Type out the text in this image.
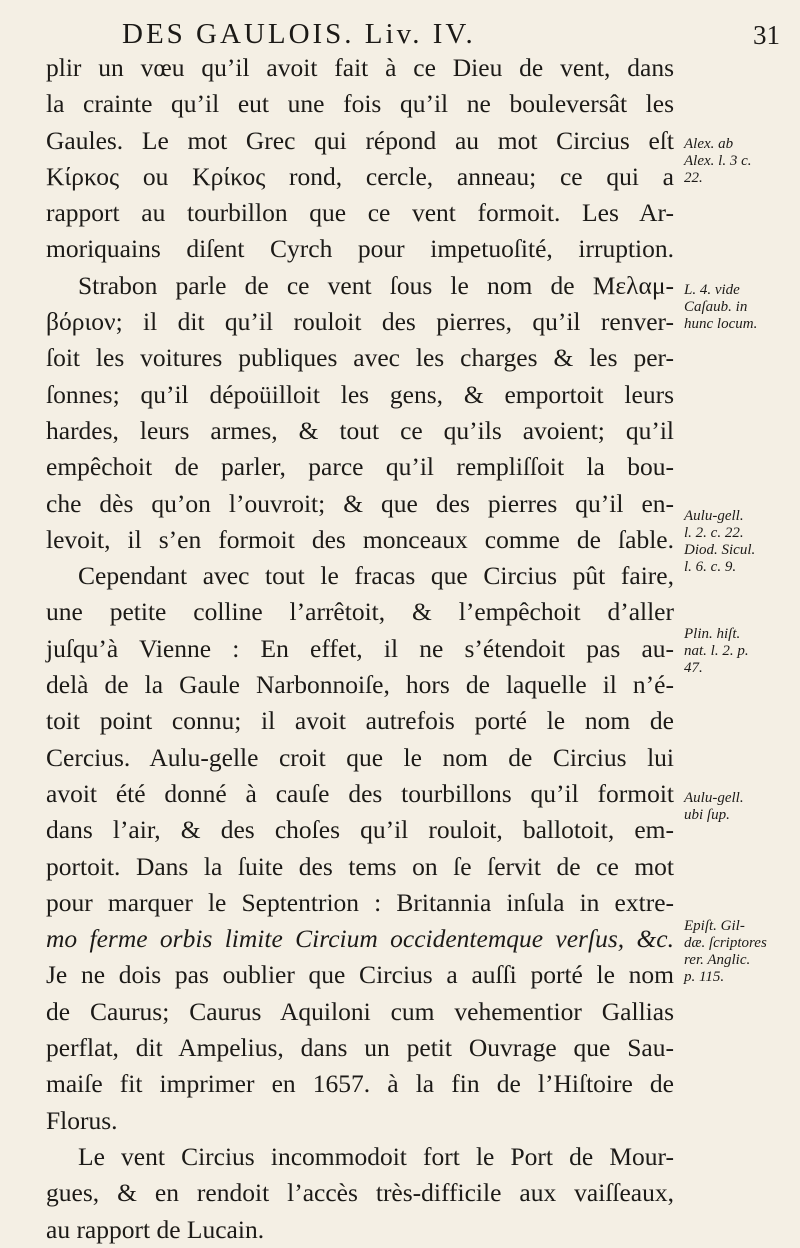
DES GAULOIS. Liv. IV.	31
plir un vœu qu’il avoit fait à ce Dieu de vent, dans
la crainte qu’il eut une fois qu’il ne bouleversât les
Gaules. Le mot Grec qui répond au mot Circius eſt
Κίρκος ou Κρίκος rond, cercle, anneau; ce qui a
rapport au tourbillon que ce vent formoit. Les Ar-
moriquains diſent Cyrch pour impetuoſité, irruption.
Strabon parle de ce vent ſous le nom de Μελαμ-
βόριον; il dit qu’il rouloit des pierres, qu’il renver-
ſoit les voitures publiques avec les charges & les per-
ſonnes; qu’il dépoüilloit les gens, & emportoit leurs
hardes, leurs armes, & tout ce qu’ils avoient; qu’il
empêchoit de parler, parce qu’il rempliſſoit la bou-
che dès qu’on l’ouvroit; & que des pierres qu’il en-
levoit, il s’en formoit des monceaux comme de ſable.
Cependant avec tout le fracas que Circius pût faire,
une petite colline l’arrêtoit, & l’empêchoit d’aller
juſqu’à Vienne : En effet, il ne s’étendoit pas au-
delà de la Gaule Narbonnoiſe, hors de laquelle il n’é-
toit point connu; il avoit autrefois porté le nom de
Cercius. Aulu-gelle croit que le nom de Circius lui
avoit été donné à cauſe des tourbillons qu’il formoit
dans l’air, & des choſes qu’il rouloit, ballotoit, em-
portoit. Dans la ſuite des tems on ſe ſervit de ce mot
pour marquer le Septentrion : Britannia inſula in extre-
mo ferme orbis limite Circium occidentemque verſus, &c.
Je ne dois pas oublier que Circius a auſſi porté le nom
de Caurus; Caurus Aquiloni cum vehementior Gallias
perflat, dit Ampelius, dans un petit Ouvrage que Sau-
maiſe fit imprimer en 1657. à la fin de l’Hiſtoire de
Florus.
Le vent Circius incommodoit fort le Port de Mour-
gues, & en rendoit l’accès très-difficile aux vaiſſeaux,
au rapport de Lucain.
Alex. ab
Alex. l. 3 c.
22.
L. 4. vide
Caſaub. in
hunc locum.
Aulu-gell.
l. 2. c. 22.
Diod. Sicul.
l. 6. c. 9.
Plin. hiſt.
nat. l. 2. p.
47.
Aulu-gell.
ubi ſup.
Epiſt. Gil-
dæ. ſcriptores
rer. Anglic.
p. 115.
